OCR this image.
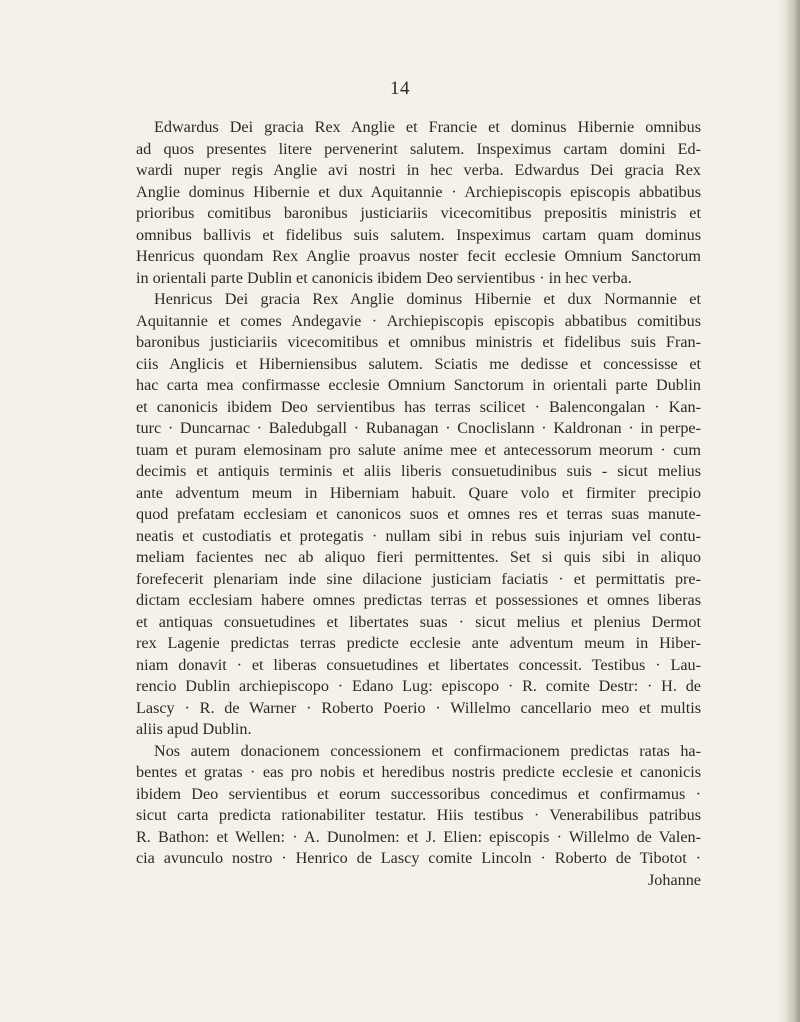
14
Edwardus Dei gracia Rex Anglie et Francie et dominus Hibernie omnibus
ad quos presentes litere pervenerint salutem. Inspeximus cartam domini Ed-
wardi nuper regis Anglie avi nostri in hec verba. Edwardus Dei gracia Rex
Anglie dominus Hibernie et dux Aquitannie · Archiepiscopis episcopis abbatibus
prioribus comitibus baronibus justiciariis vicecomitibus prepositis ministris et
omnibus ballivis et fidelibus suis salutem. Inspeximus cartam quam dominus
Henricus quondam Rex Anglie proavus noster fecit ecclesie Omnium Sanctorum
in orientali parte Dublin et canonicis ibidem Deo servientibus · in hec verba.
Henricus Dei gracia Rex Anglie dominus Hibernie et dux Normannie et
Aquitannie et comes Andegavie · Archiepiscopis episcopis abbatibus comitibus
baronibus justiciariis vicecomitibus et omnibus ministris et fidelibus suis Fran-
ciis Anglicis et Hiberniensibus salutem. Sciatis me dedisse et concessisse et
hac carta mea confirmasse ecclesie Omnium Sanctorum in orientali parte Dublin
et canonicis ibidem Deo servientibus has terras scilicet · Balencongalan · Kan-
turc · Duncarnac · Baledubgall · Rubanagan · Cnoclislann · Kaldronan · in perpe-
tuam et puram elemosinam pro salute anime mee et antecessorum meorum · cum
decimis et antiquis terminis et aliis liberis consuetudinibus suis - sicut melius
ante adventum meum in Hiberniam habuit. Quare volo et firmiter precipio
quod prefatam ecclesiam et canonicos suos et omnes res et terras suas manute-
neatis et custodiatis et protegatis · nullam sibi in rebus suis injuriam vel contu-
meliam facientes nec ab aliquo fieri permittentes. Set si quis sibi in aliquo
forefecerit plenariam inde sine dilacione justiciam faciatis · et permittatis pre-
dictam ecclesiam habere omnes predictas terras et possessiones et omnes liberas
et antiquas consuetudines et libertates suas · sicut melius et plenius Dermot
rex Lagenie predictas terras predicte ecclesie ante adventum meum in Hiber-
niam donavit · et liberas consuetudines et libertates concessit. Testibus · Lau-
rencio Dublin archiepiscopo · Edano Lug: episcopo · R. comite Destr: · H. de
Lascy · R. de Warner · Roberto Poerio · Willelmo cancellario meo et multis
aliis apud Dublin.
Nos autem donacionem concessionem et confirmacionem predictas ratas ha-
bentes et gratas · eas pro nobis et heredibus nostris predicte ecclesie et canonicis
ibidem Deo servientibus et eorum successoribus concedimus et confirmamus ·
sicut carta predicta rationabiliter testatur. Hiis testibus · Venerabilibus patribus
R. Bathon: et Wellen: · A. Dunolmen: et J. Elien: episcopis · Willelmo de Valen-
cia avunculo nostro · Henrico de Lascy comite Lincoln · Roberto de Tibotot ·
Johanne
